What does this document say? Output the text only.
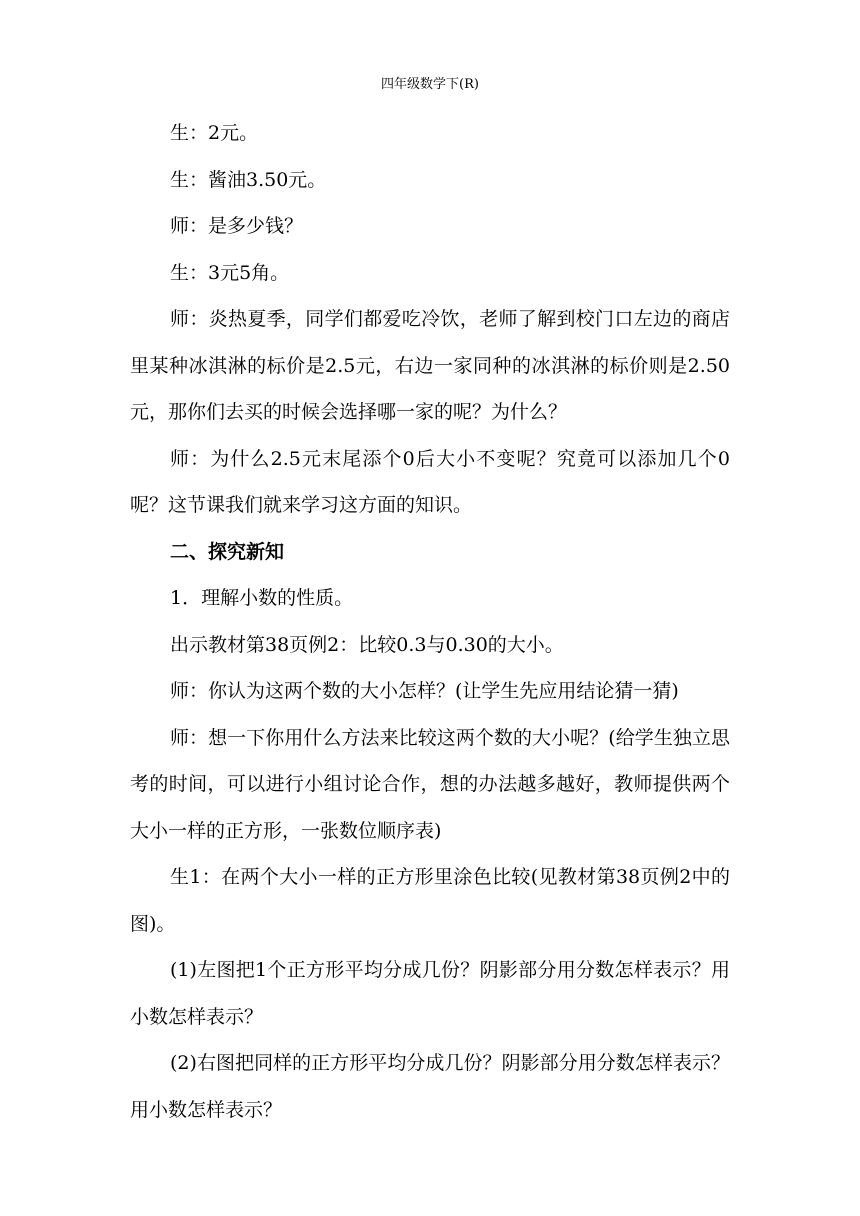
四年级数学下(R)

生：2元。

生：酱油3.50元。

师：是多少钱？

生：3元5角。

师：炎热夏季，同学们都爱吃冷饮，老师了解到校门口左边的商店里某种冰淇淋的标价是2.5元，右边一家同种的冰淇淋的标价则是2.50元，那你们去买的时候会选择哪一家的呢？为什么？

师：为什么2.5元末尾添个0后大小不变呢？究竟可以添加几个0呢？这节课我们就来学习这方面的知识。

二、探究新知

1．理解小数的性质。

出示教材第38页例2：比较0.3与0.30的大小。

师：你认为这两个数的大小怎样？(让学生先应用结论猜一猜)

师：想一下你用什么方法来比较这两个数的大小呢？(给学生独立思考的时间，可以进行小组讨论合作，想的办法越多越好，教师提供两个大小一样的正方形，一张数位顺序表)

生1：在两个大小一样的正方形里涂色比较(见教材第38页例2中的图)。

(1)左图把1个正方形平均分成几份？阴影部分用分数怎样表示？用小数怎样表示？

(2)右图把同样的正方形平均分成几份？阴影部分用分数怎样表示？用小数怎样表示？
